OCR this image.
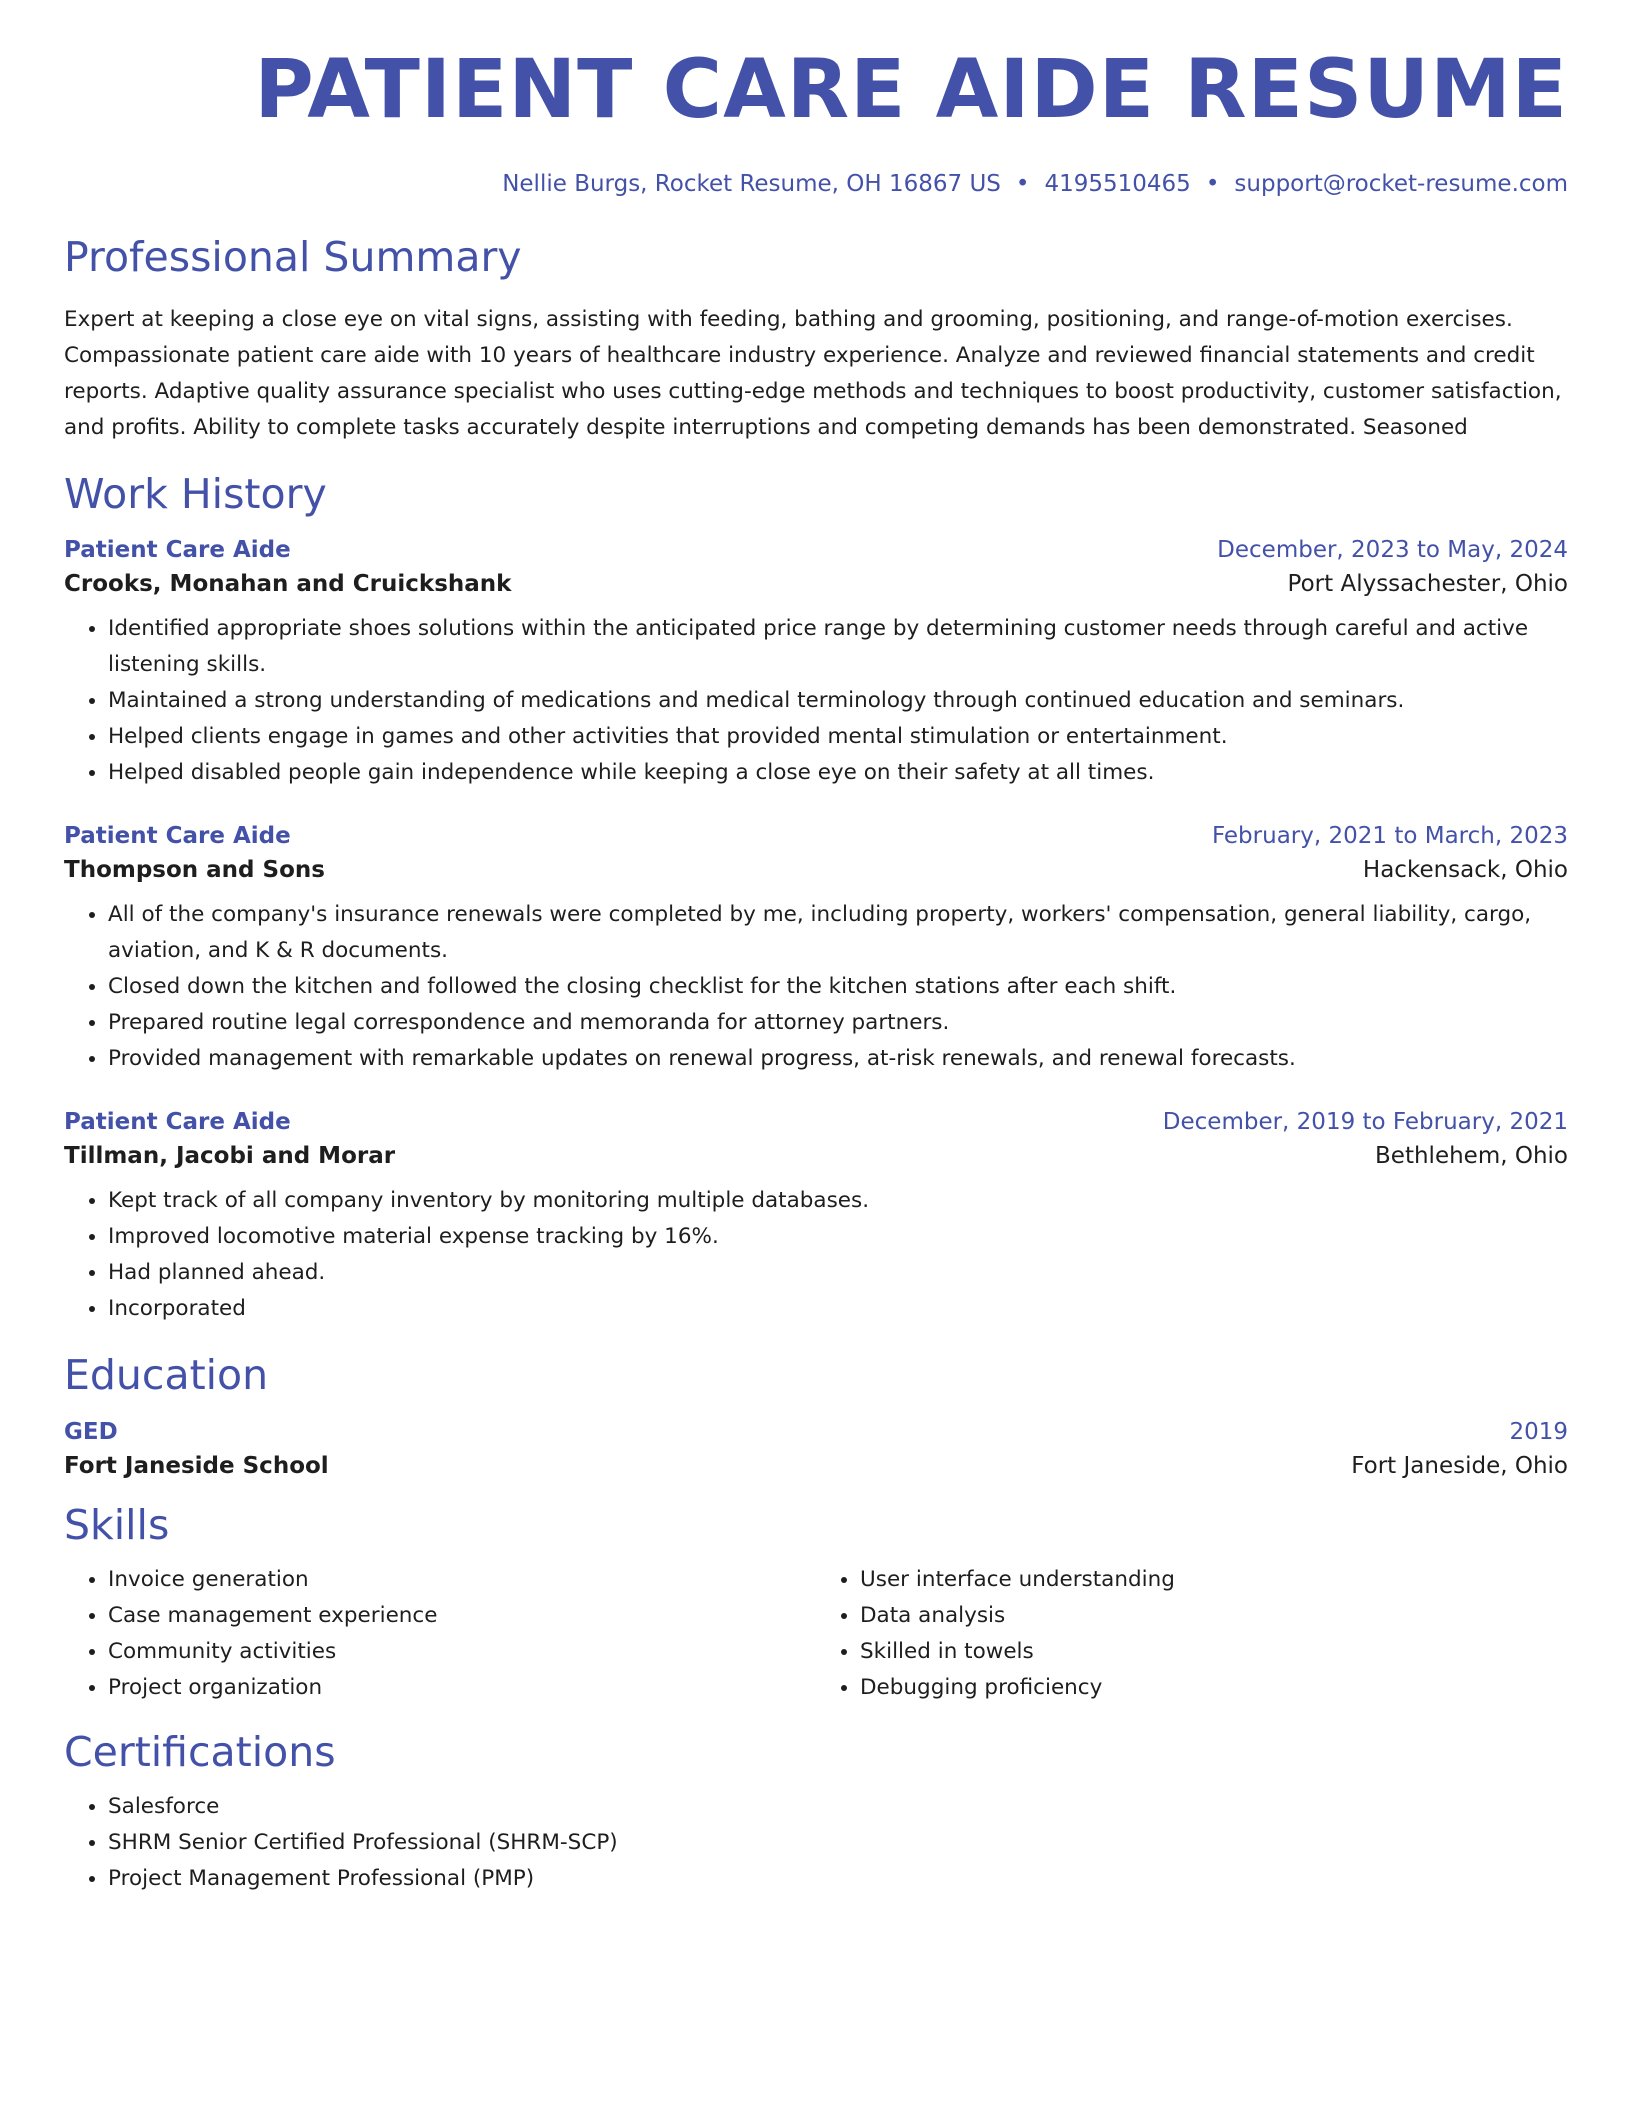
PATIENT CARE AIDE RESUME
Nellie Burgs, Rocket Resume, OH 16867 US • 4195510465 • support@rocket-resume.com
Professional Summary

Expert at keeping a close eye on vital signs, assisting with feeding, bathing and grooming, positioning, and range-of-motion exercises. Compassionate patient care aide with 10 years of healthcare industry experience. Analyze and reviewed financial statements and credit reports. Adaptive quality assurance specialist who uses cutting-edge methods and techniques to boost productivity, customer satisfaction, and profits. Ability to complete tasks accurately despite interruptions and competing demands has been demonstrated. Seasoned

Work History
Patient Care Aide	December, 2023 to May, 2024
Crooks, Monahan and Cruickshank	Port Alyssachester, Ohio
• Identified appropriate shoes solutions within the anticipated price range by determining customer needs through careful and active listening skills.
• Maintained a strong understanding of medications and medical terminology through continued education and seminars.
• Helped clients engage in games and other activities that provided mental stimulation or entertainment.
• Helped disabled people gain independence while keeping a close eye on their safety at all times.
Patient Care Aide	February, 2021 to March, 2023
Thompson and Sons	Hackensack, Ohio
• All of the company's insurance renewals were completed by me, including property, workers' compensation, general liability, cargo, aviation, and K & R documents.
• Closed down the kitchen and followed the closing checklist for the kitchen stations after each shift.
• Prepared routine legal correspondence and memoranda for attorney partners.
• Provided management with remarkable updates on renewal progress, at-risk renewals, and renewal forecasts.
Patient Care Aide	December, 2019 to February, 2021
Tillman, Jacobi and Morar	Bethlehem, Ohio
• Kept track of all company inventory by monitoring multiple databases.
• Improved locomotive material expense tracking by 16%.
• Had planned ahead.
• Incorporated
Education
GED	2019
Fort Janeside School	Fort Janeside, Ohio
Skills
• Invoice generation
• Case management experience
• Community activities
• Project organization
• User interface understanding
• Data analysis
• Skilled in towels
• Debugging proficiency
Certifications
• Salesforce
• SHRM Senior Certified Professional (SHRM-SCP)
• Project Management Professional (PMP)
